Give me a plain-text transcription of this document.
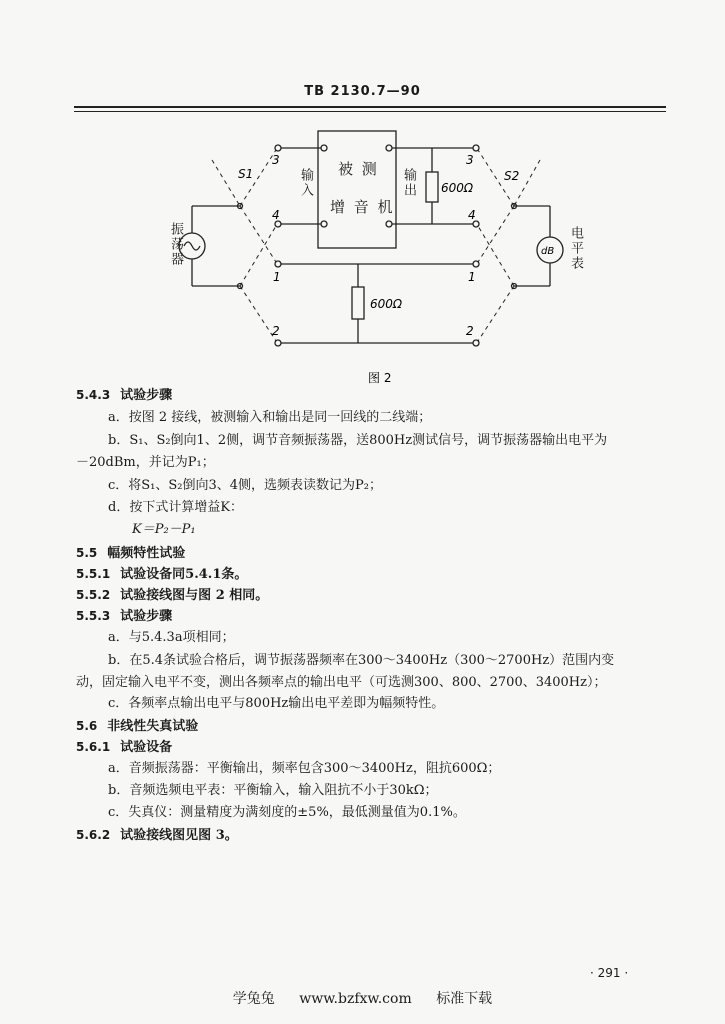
TB 2130.7—90
S1	S2
3
4
1
2
3
4
1
2
600Ω
600Ω
dB
图 2
被 测
增 音 机
输入	输出
振荡器	电平表
5.4.3 试验步骤
a．按图 2 接线，被测输入和输出是同一回线的二线端；
b．S₁、S₂倒向1、2侧，调节音频振荡器，送800Hz测试信号，调节振荡器输出电平为
－20dBm，并记为P₁；
c．将S₁、S₂倒向3、4侧，选频表读数记为P₂；
d．按下式计算增益K：
K＝P₂－P₁
5.5 幅频特性试验
5.5.1 试验设备同5.4.1条。
5.5.2 试验接线图与图 2 相同。
5.5.3 试验步骤
a．与5.4.3a项相同；
b．在5.4条试验合格后，调节振荡器频率在300～3400Hz（300～2700Hz）范围内变
动，固定输入电平不变，测出各频率点的输出电平（可选测300、800、2700、3400Hz）；
c．各频率点输出电平与800Hz输出电平差即为幅频特性。
5.6 非线性失真试验
5.6.1 试验设备
a．音频振荡器：平衡输出，频率包含300～3400Hz，阻抗600Ω；
b．音频选频电平表：平衡输入，输入阻抗不小于30kΩ；
c．失真仪：测量精度为满刻度的±5%，最低测量值为0.1%。
5.6.2 试验接线图见图 3。
· 291 ·
学兔兔 www.bzfxw.com 标准下载
